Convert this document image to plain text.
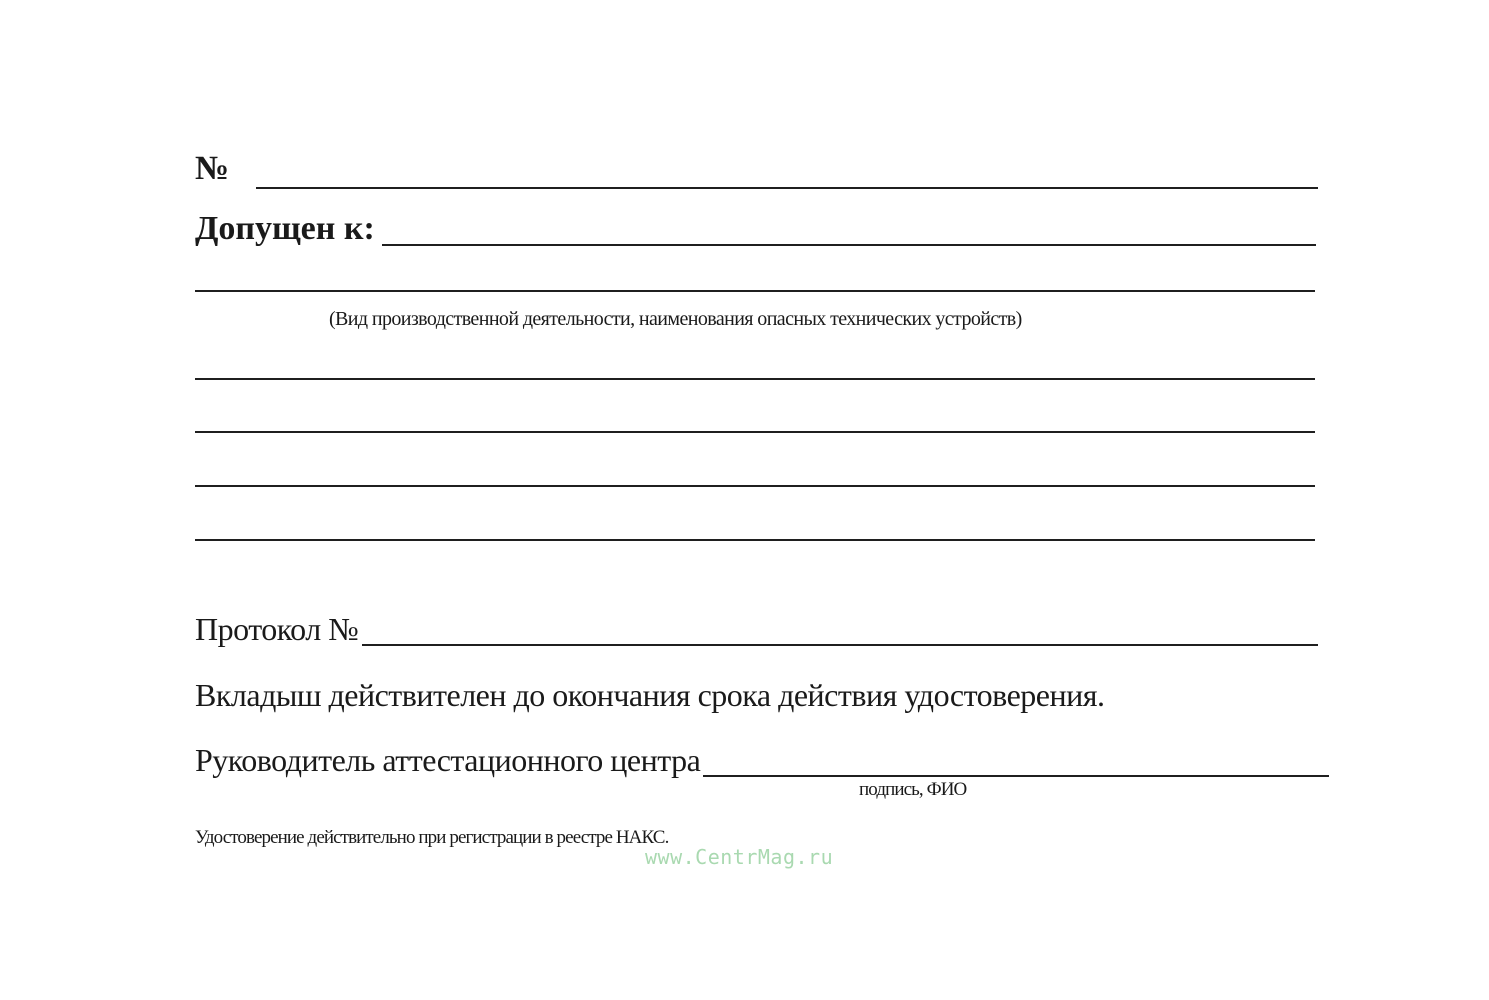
№
Допущен к:
(Вид производственной деятельности, наименования опасных технических устройств)
Протокол №
Вкладыш действителен до окончания срока действия удостоверения.
Руководитель аттестационного центра
подпись, ФИО
Удостоверение действительно при регистрации в реестре НАКС.
www.CentrMag.ru
